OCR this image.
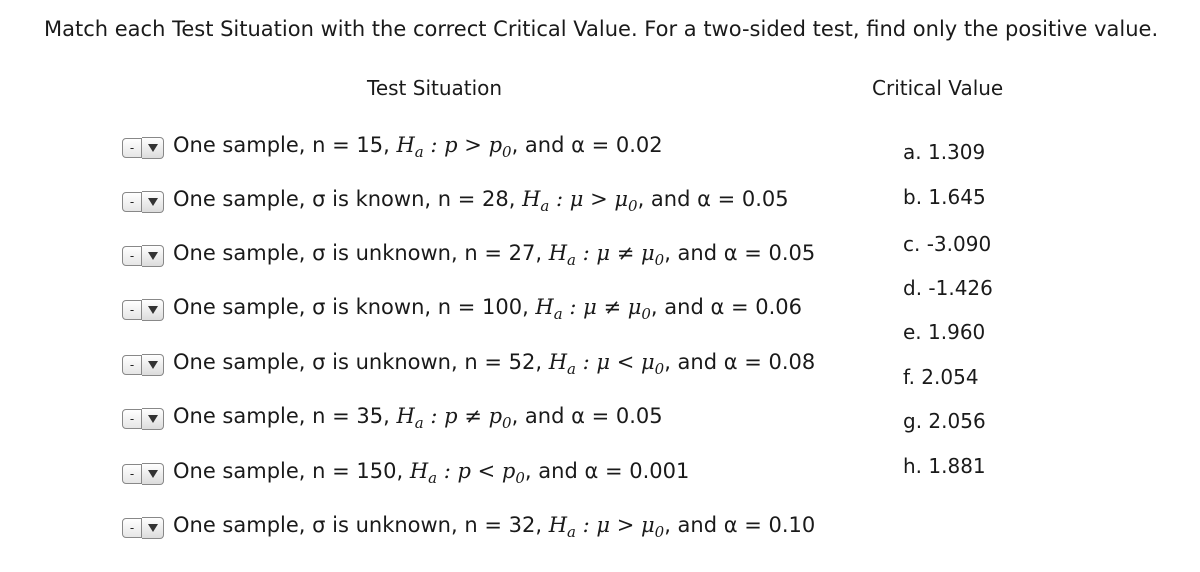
Match each Test Situation with the correct Critical Value. For a two-sided test, find only the positive value.
Test Situation	Critical Value
-	One sample, n = 15, $H_a$ : $p > p_0$, and α = 0.02
-	One sample, σ is known, n = 28, $H_a$ : $\mu > \mu_0$, and α = 0.05
-	One sample, σ is unknown, n = 27, $H_a$ : $\mu \ne \mu_0$, and α = 0.05
-	One sample, σ is known, n = 100, $H_a$ : $\mu \ne \mu_0$, and α = 0.06
-	One sample, σ is unknown, n = 52, $H_a$ : $\mu < \mu_0$, and α = 0.08
-	One sample, n = 35, $H_a$ : $p \ne p_0$, and α = 0.05
-	One sample, n = 150, $H_a$ : $p < p_0$, and α = 0.001
-	One sample, σ is unknown, n = 32, $H_a$ : $\mu > \mu_0$, and α = 0.10
a. 1.309
b. 1.645
c. -3.090
d. -1.426
e. 1.960
f. 2.054
g. 2.056
h. 1.881
